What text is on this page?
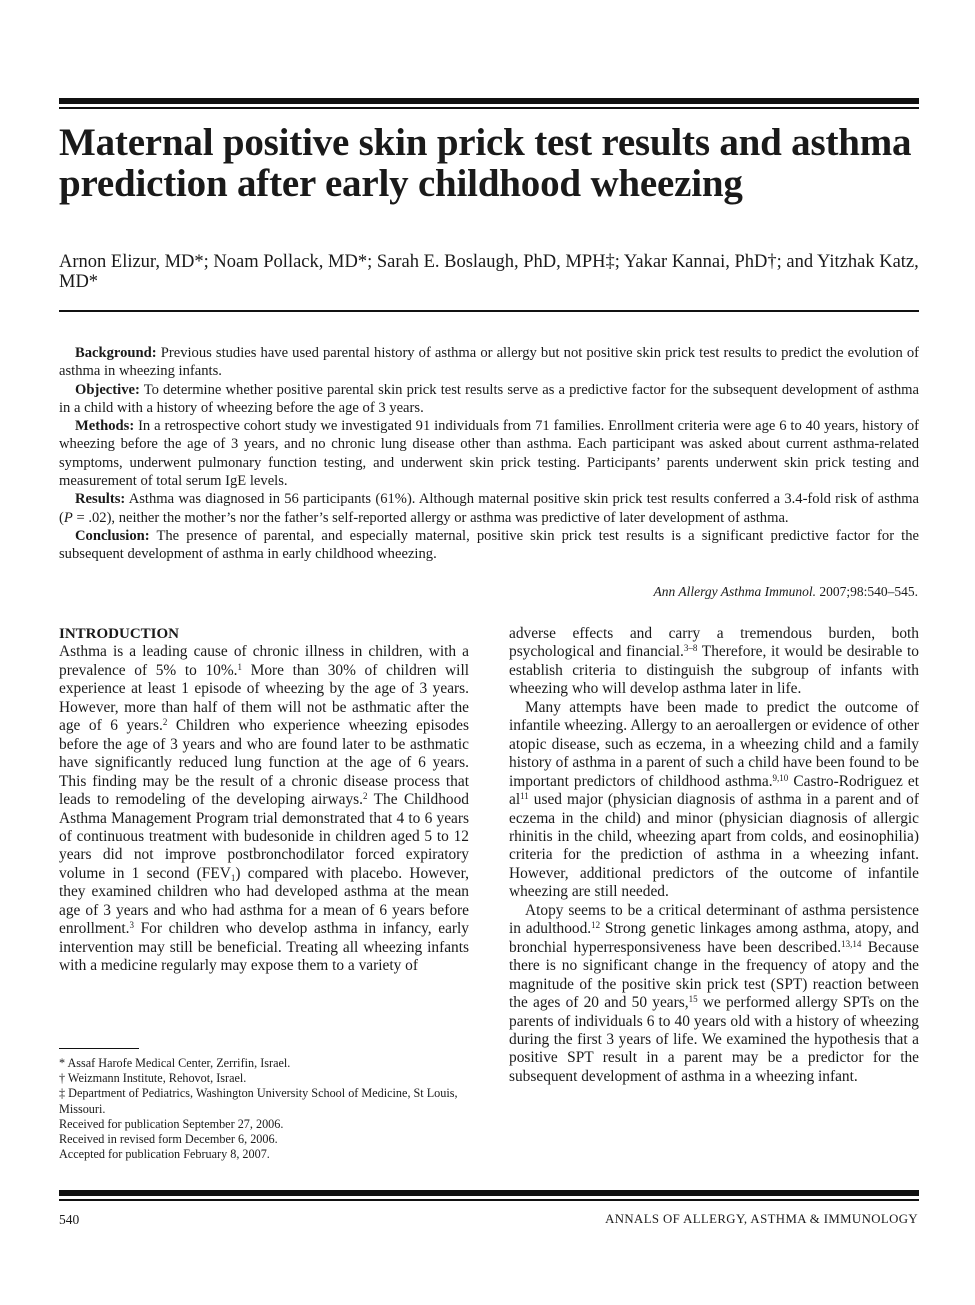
Maternal positive skin prick test results and asthma prediction after early childhood wheezing
Arnon Elizur, MD*; Noam Pollack, MD*; Sarah E. Boslaugh, PhD, MPH‡; Yakar Kannai, PhD†; and Yitzhak Katz, MD*

Background: Previous studies have used parental history of asthma or allergy but not positive skin prick test results to predict the evolution of asthma in wheezing infants.

Objective: To determine whether positive parental skin prick test results serve as a predictive factor for the subsequent development of asthma in a child with a history of wheezing before the age of 3 years.

Methods: In a retrospective cohort study we investigated 91 individuals from 71 families. Enrollment criteria were age 6 to 40 years, history of wheezing before the age of 3 years, and no chronic lung disease other than asthma. Each participant was asked about current asthma-related symptoms, underwent pulmonary function testing, and underwent skin prick testing. Participants’ parents underwent skin prick testing and measurement of total serum IgE levels.

Results: Asthma was diagnosed in 56 participants (61%). Although maternal positive skin prick test results conferred a 3.4-fold risk of asthma (P = .02), neither the mother’s nor the father’s self-reported allergy or asthma was predictive of later development of asthma.

Conclusion: The presence of parental, and especially maternal, positive skin prick test results is a significant predictive factor for the subsequent development of asthma in early childhood wheezing.

Ann Allergy Asthma Immunol. 2007;98:540–545.
INTRODUCTION

Asthma is a leading cause of chronic illness in children, with a prevalence of 5% to 10%.$^1$ More than 30% of children will experience at least 1 episode of wheezing by the age of 3 years. However, more than half of them will not be asthmatic after the age of 6 years.$^2$ Children who experience wheezing episodes before the age of 3 years and who are found later to be asthmatic have significantly reduced lung function at the age of 6 years. This finding may be the result of a chronic disease process that leads to remodeling of the developing airways.$^2$ The Childhood Asthma Management Program trial demonstrated that 4 to 6 years of continuous treatment with budesonide in children aged 5 to 12 years did not improve postbronchodilator forced expiratory volume in 1 second $(FEV_1)$ compared with placebo. However, they examined children who had developed asthma at the mean age of 3 years and who had asthma for a mean of 6 years before enrollment.$^3$ For children who develop asthma in infancy, early intervention may still be beneficial. Treating all wheezing infants with a medicine regularly may expose them to a variety of

adverse effects and carry a tremendous burden, both psychological and financial.$^{3-8}$ Therefore, it would be desirable to establish criteria to distinguish the subgroup of infants with wheezing who will develop asthma later in life.

Many attempts have been made to predict the outcome of infantile wheezing. Allergy to an aeroallergen or evidence of other atopic disease, such as eczema, in a wheezing child and a family history of asthma in a parent of such a child have been found to be important predictors of childhood asthma.$^{9,10}$ Castro-Rodriguez et $al^{11}$ used major (physician diagnosis of asthma in a parent and of eczema in the child) and minor (physician diagnosis of allergic rhinitis in the child, wheezing apart from colds, and eosinophilia) criteria for the prediction of asthma in a wheezing infant. However, additional predictors of the outcome of infantile wheezing are still needed.

Atopy seems to be a critical determinant of asthma persistence in adulthood.$^{12}$ Strong genetic linkages among asthma, atopy, and bronchial hyperresponsiveness have been described.$^{13,14}$ Because there is no significant change in the frequency of atopy and the magnitude of the positive skin prick test (SPT) reaction between the ages of 20 and 50 years,$^{15}$ we performed allergy SPTs on the parents of individuals 6 to 40 years old with a history of wheezing during the first 3 years of life. We examined the hypothesis that a positive SPT result in a parent may be a predictor for the subsequent development of asthma in a wheezing infant.

* Assaf Harofe Medical Center, Zerrifin, Israel.
† Weizmann Institute, Rehovot, Israel.
‡ Department of Pediatrics, Washington University School of Medicine, St Louis, Missouri.
Received for publication September 27, 2006.
Received in revised form December 6, 2006.
Accepted for publication February 8, 2007.
540	ANNALS OF ALLERGY, ASTHMA & IMMUNOLOGY
